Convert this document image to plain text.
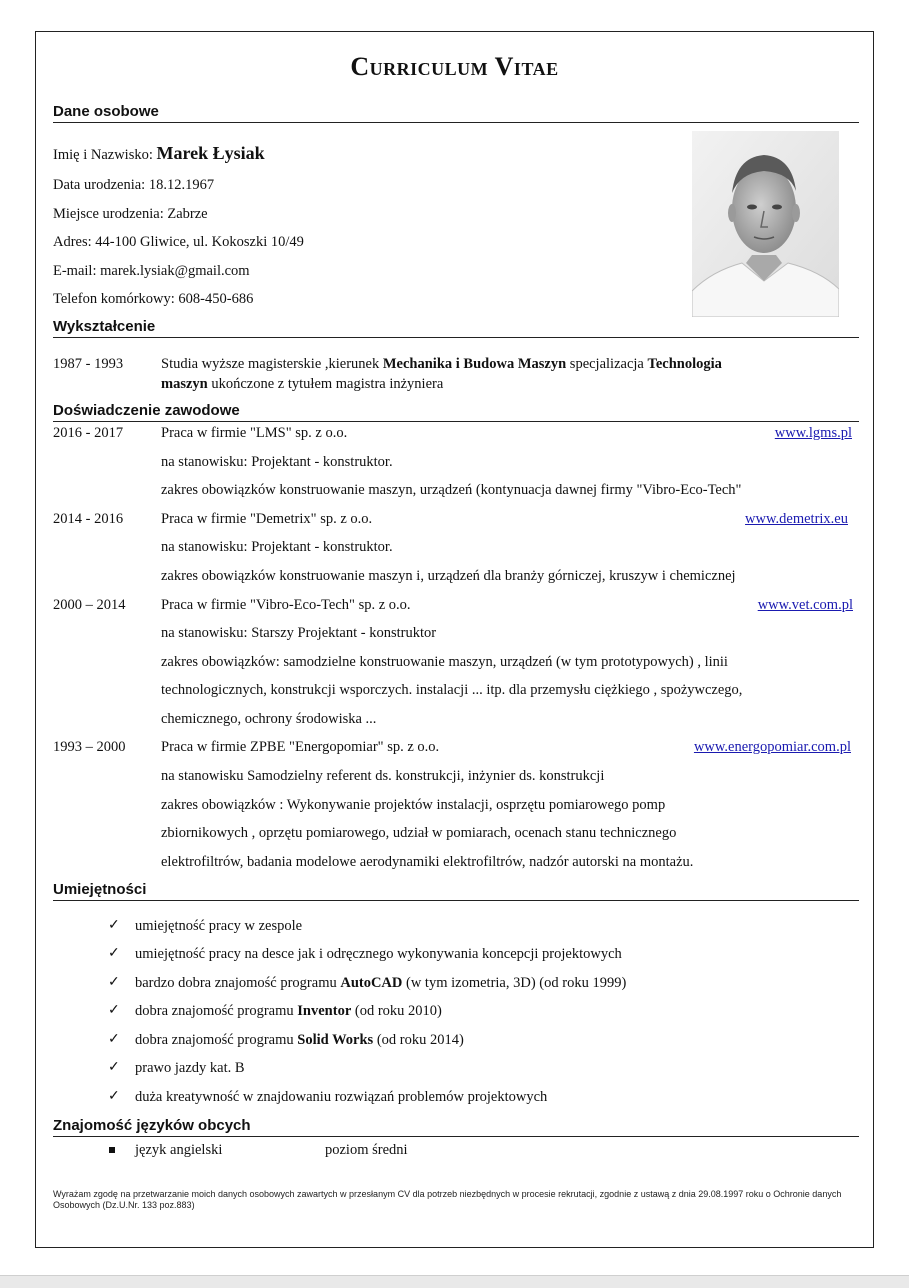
Curriculum Vitae
Dane osobowe
Imię i Nazwisko: Marek Łysiak
Data urodzenia: 18.12.1967
Miejsce urodzenia: Zabrze
Adres: 44-100 Gliwice, ul. Kokoszki 10/49
E-mail: marek.lysiak@gmail.com
Telefon komórkowy: 608-450-686
Wykształcenie
1987 - 1993	Studia wyższe magisterskie ,kierunek Mechanika i Budowa Maszyn specjalizacja Technologia
maszyn ukończone z tytułem magistra inżyniera
Doświadczenie zawodowe
2016 - 2017	Praca w firmie "LMS" sp. z o.o.	www.lgms.pl
na stanowisku: Projektant - konstruktor.
zakres obowiązków konstruowanie maszyn, urządzeń (kontynuacja dawnej firmy "Vibro-Eco-Tech"
2014 - 2016	Praca w firmie "Demetrix" sp. z o.o.	www.demetrix.eu
na stanowisku: Projektant - konstruktor.
zakres obowiązków konstruowanie maszyn i, urządzeń dla branży górniczej, kruszyw i chemicznej
2000 – 2014 Praca w firmie "Vibro-Eco-Tech" sp. z o.o.	www.vet.com.pl
na stanowisku: Starszy Projektant - konstruktor
zakres obowiązków: samodzielne konstruowanie maszyn, urządzeń (w tym prototypowych) , linii
technologicznych, konstrukcji wsporczych. instalacji ... itp. dla przemysłu ciężkiego , spożywczego,
chemicznego, ochrony środowiska ...
1993 – 2000 Praca w firmie ZPBE "Energopomiar" sp. z o.o.	www.energopomiar.com.pl
na stanowisku Samodzielny referent ds. konstrukcji, inżynier ds. konstrukcji
zakres obowiązków : Wykonywanie projektów instalacji, osprzętu pomiarowego pomp
zbiornikowych , oprzętu pomiarowego, udział w pomiarach, ocenach stanu technicznego
elektrofiltrów, badania modelowe aerodynamiki elektrofiltrów, nadzór autorski na montażu.
Umiejętności
✓ umiejętność pracy w zespole
✓ umiejętność pracy na desce jak i odręcznego wykonywania koncepcji projektowych
✓ bardzo dobra znajomość programu AutoCAD (w tym izometria, 3D) (od roku 1999)
✓ dobra znajomość programu Inventor (od roku 2010)
✓ dobra znajomość programu Solid Works (od roku 2014)
✓ prawo jazdy kat. B
✓ duża kreatywność w znajdowaniu rozwiązań problemów projektowych
Znajomość języków obcych
język angielski	poziom średni
Wyrażam zgodę na przetwarzanie moich danych osobowych zawartych w przesłanym CV dla potrzeb niezbędnych w procesie rekrutacji, zgodnie z ustawą z dnia 29.08.1997 roku o Ochronie danych Osobowych (Dz.U.Nr. 133 poz.883)
